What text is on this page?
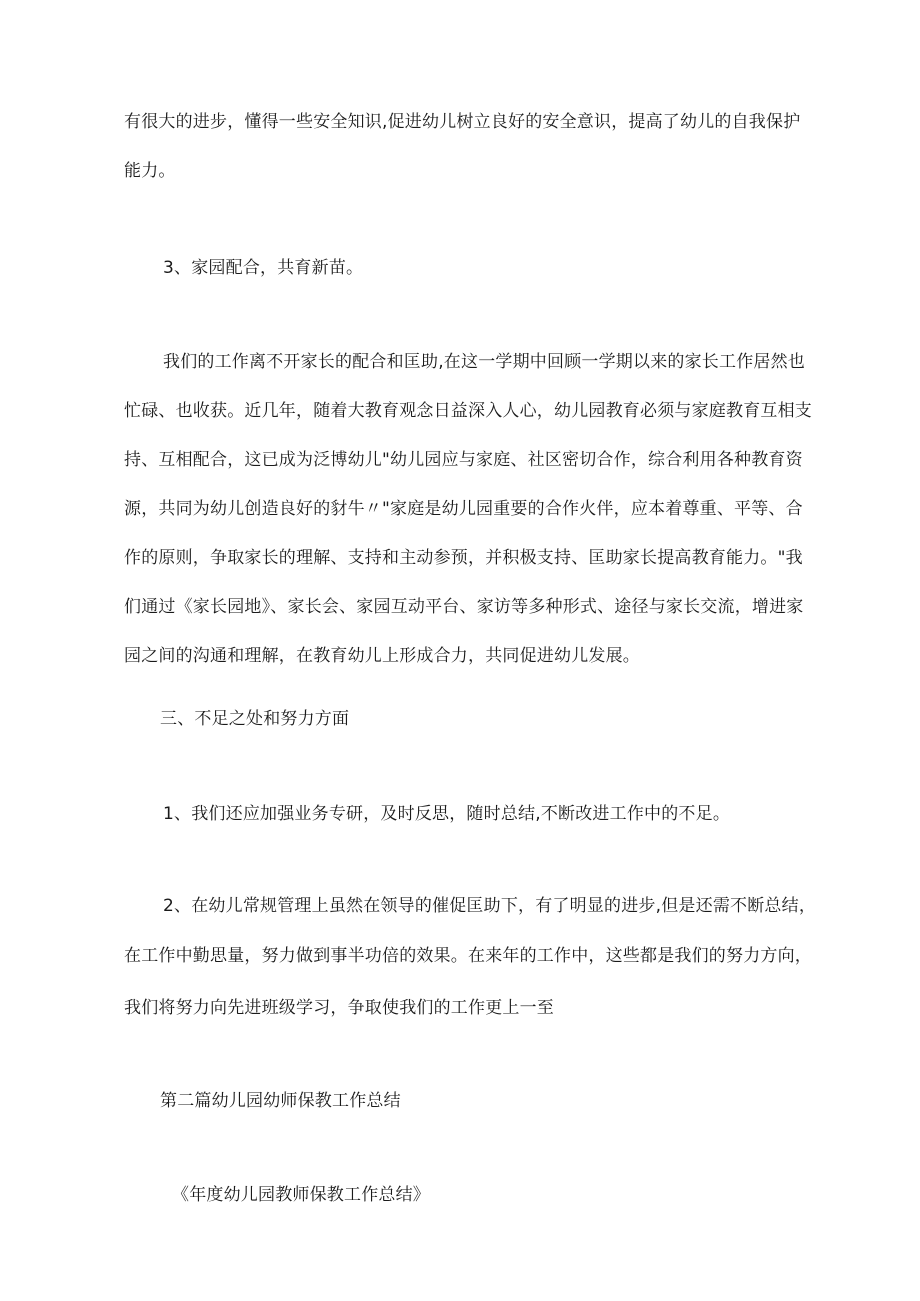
有很大的进步，懂得一些安全知识,促进幼儿树立良好的安全意识，提高了幼儿的自我保护
能力。
3、家园配合，共育新苗。
我们的工作离不开家长的配合和匡助,在这一学期中回顾一学期以来的家长工作居然也
忙碌、也收获。近几年，随着大教育观念日益深入人心，幼儿园教育必须与家庭教育互相支
持、互相配合，这已成为泛博幼儿"幼儿园应与家庭、社区密切合作，综合利用各种教育资
源，共同为幼儿创造良好的豺牛〃"家庭是幼儿园重要的合作火伴，应本着尊重、平等、合
作的原则，争取家长的理解、支持和主动参预，并积极支持、匡助家长提高教育能力。"我
们通过《家长园地》、家长会、家园互动平台、家访等多种形式、途径与家长交流，增进家
园之间的沟通和理解，在教育幼儿上形成合力，共同促进幼儿发展。
三、不足之处和努力方面
1、我们还应加强业务专研，及时反思，随时总结,不断改进工作中的不足。
2、在幼儿常规管理上虽然在领导的催促匡助下，有了明显的进步,但是还需不断总结，
在工作中勤思量，努力做到事半功倍的效果。在来年的工作中，这些都是我们的努力方向，
我们将努力向先进班级学习，争取使我们的工作更上一至
第二篇幼儿园幼师保教工作总结
《年度幼儿园教师保教工作总结》
